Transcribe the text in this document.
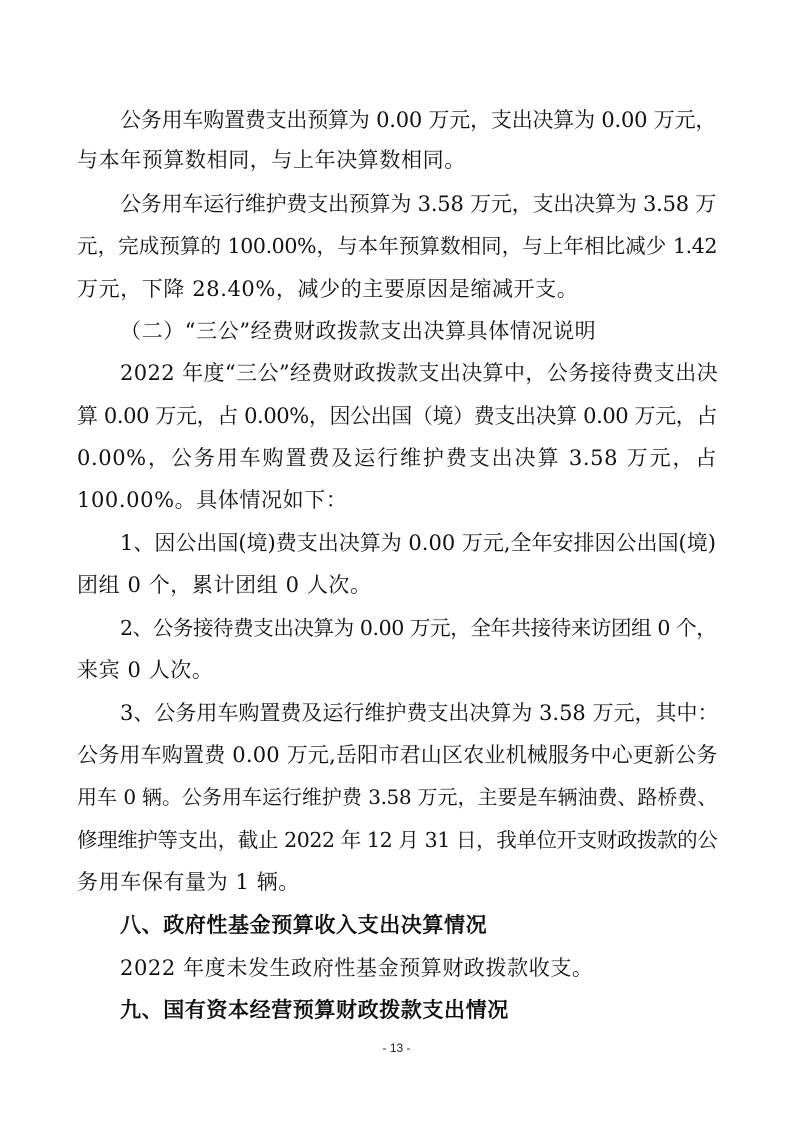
公务用车购置费支出预算为 0.00 万元，支出决算为 0.00 万元，
与本年预算数相同，与上年决算数相同。
公务用车运行维护费支出预算为 3.58 万元，支出决算为 3.58 万
元，完成预算的 100.00%，与本年预算数相同，与上年相比减少 1.42
万元，下降 28.40%，减少的主要原因是缩减开支。
（二）“三公”经费财政拨款支出决算具体情况说明
2022 年度“三公”经费财政拨款支出决算中，公务接待费支出决
算 0.00 万元，占 0.00%，因公出国（境）费支出决算 0.00 万元，占
0.00%，公务用车购置费及运行维护费支出决算 3.58 万元，占
100.00%。具体情况如下：
1、因公出国(境)费支出决算为 0.00 万元,全年安排因公出国(境)
团组 0 个，累计团组 0 人次。
2、公务接待费支出决算为 0.00 万元，全年共接待来访团组 0 个，
来宾 0 人次。
3、公务用车购置费及运行维护费支出决算为 3.58 万元，其中：
公务用车购置费 0.00 万元,岳阳市君山区农业机械服务中心更新公务
用车 0 辆。公务用车运行维护费 3.58 万元，主要是车辆油费、路桥费、
修理维护等支出，截止 2022 年 12 月 31 日，我单位开支财政拨款的公
务用车保有量为 1 辆。
八、政府性基金预算收入支出决算情况
2022 年度未发生政府性基金预算财政拨款收支。
九、国有资本经营预算财政拨款支出情况
- 13 -
